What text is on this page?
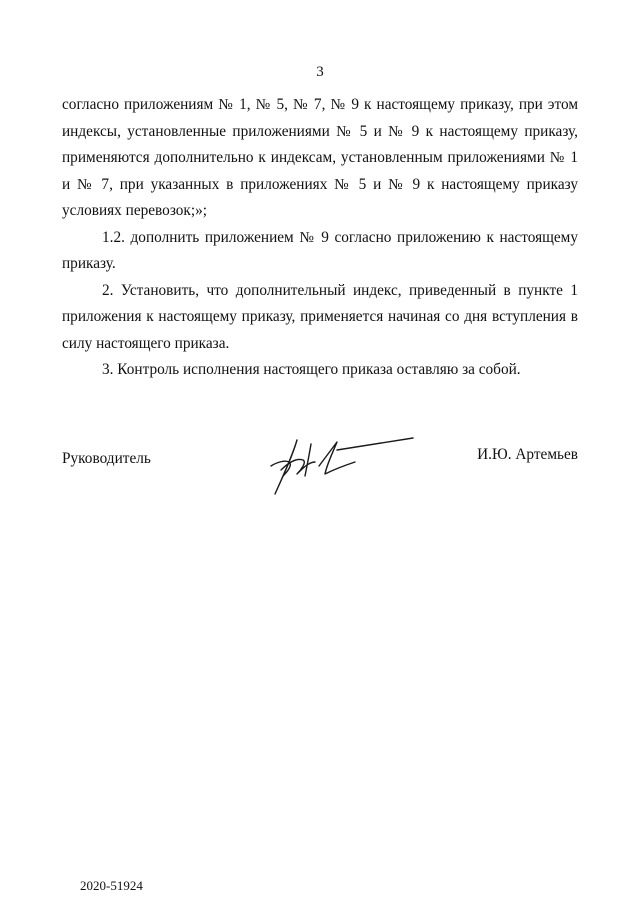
3

согласно приложениям № 1, № 5, № 7, № 9 к настоящему приказу, при этом индексы, установленные приложениями № 5 и № 9 к настоящему приказу, применяются дополнительно к индексам, установленным приложениями № 1 и № 7, при указанных в приложениях № 5 и № 9 к настоящему приказу условиях перевозок;»;

1.2. дополнить приложением № 9 согласно приложению к настоящему приказу.

2. Установить, что дополнительный индекс, приведенный в пункте 1 приложения к настоящему приказу, применяется начиная со дня вступления в силу настоящего приказа.

3. Контроль исполнения настоящего приказа оставляю за собой.

Руководитель	И.Ю. Артемьев
2020-51924
